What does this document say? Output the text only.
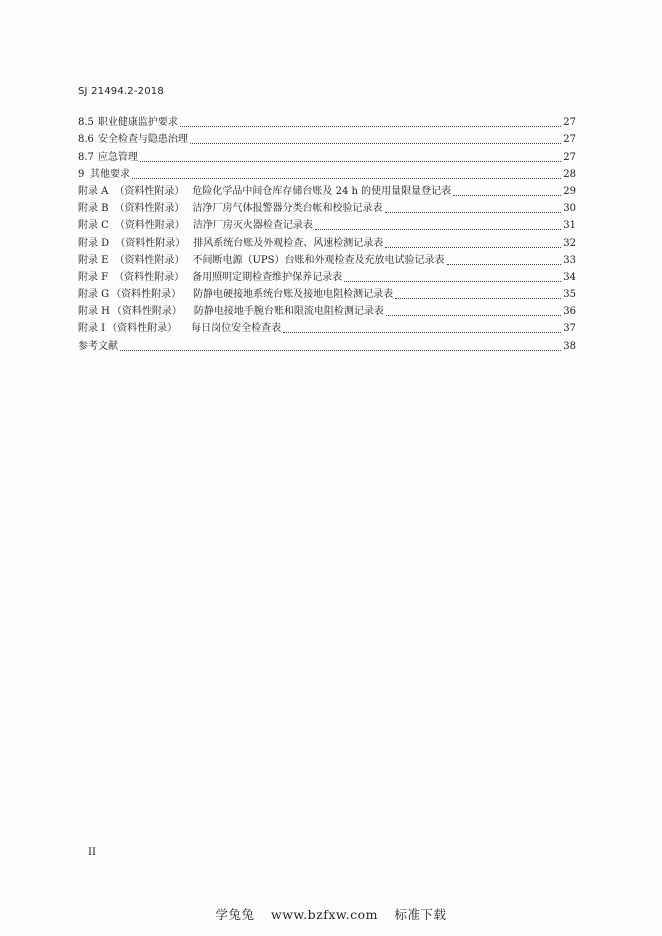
SJ 21494.2-2018
8.5 职业健康监护要求	27
8.6 安全检查与隐患治理	27
8.7 应急管理	27
9 其他要求	28
附录 A （资料性附录） 危险化学品中间仓库存储台账及 24 h 的使用量限量登记表	29
附录 B （资料性附录） 洁净厂房气体报警器分类台帐和校验记录表	30
附录 C （资料性附录） 洁净厂房灭火器检查记录表	31
附录 D （资料性附录） 排风系统台账及外观检查、风速检测记录表	32
附录 E （资料性附录） 不间断电源（UPS）台账和外观检查及充放电试验记录表	33
附录 F （资料性附录） 备用照明定期检查维护保养记录表	34
附录 G （资料性附录） 防静电硬接地系统台账及接地电阻检测记录表	35
附录 H （资料性附录） 防静电接地手腕台账和限流电阻检测记录表	36
附录 I （资料性附录） 每日岗位安全检查表	37
参考文献	38
II
学兔兔 www.bzfxw.com 标准下载
